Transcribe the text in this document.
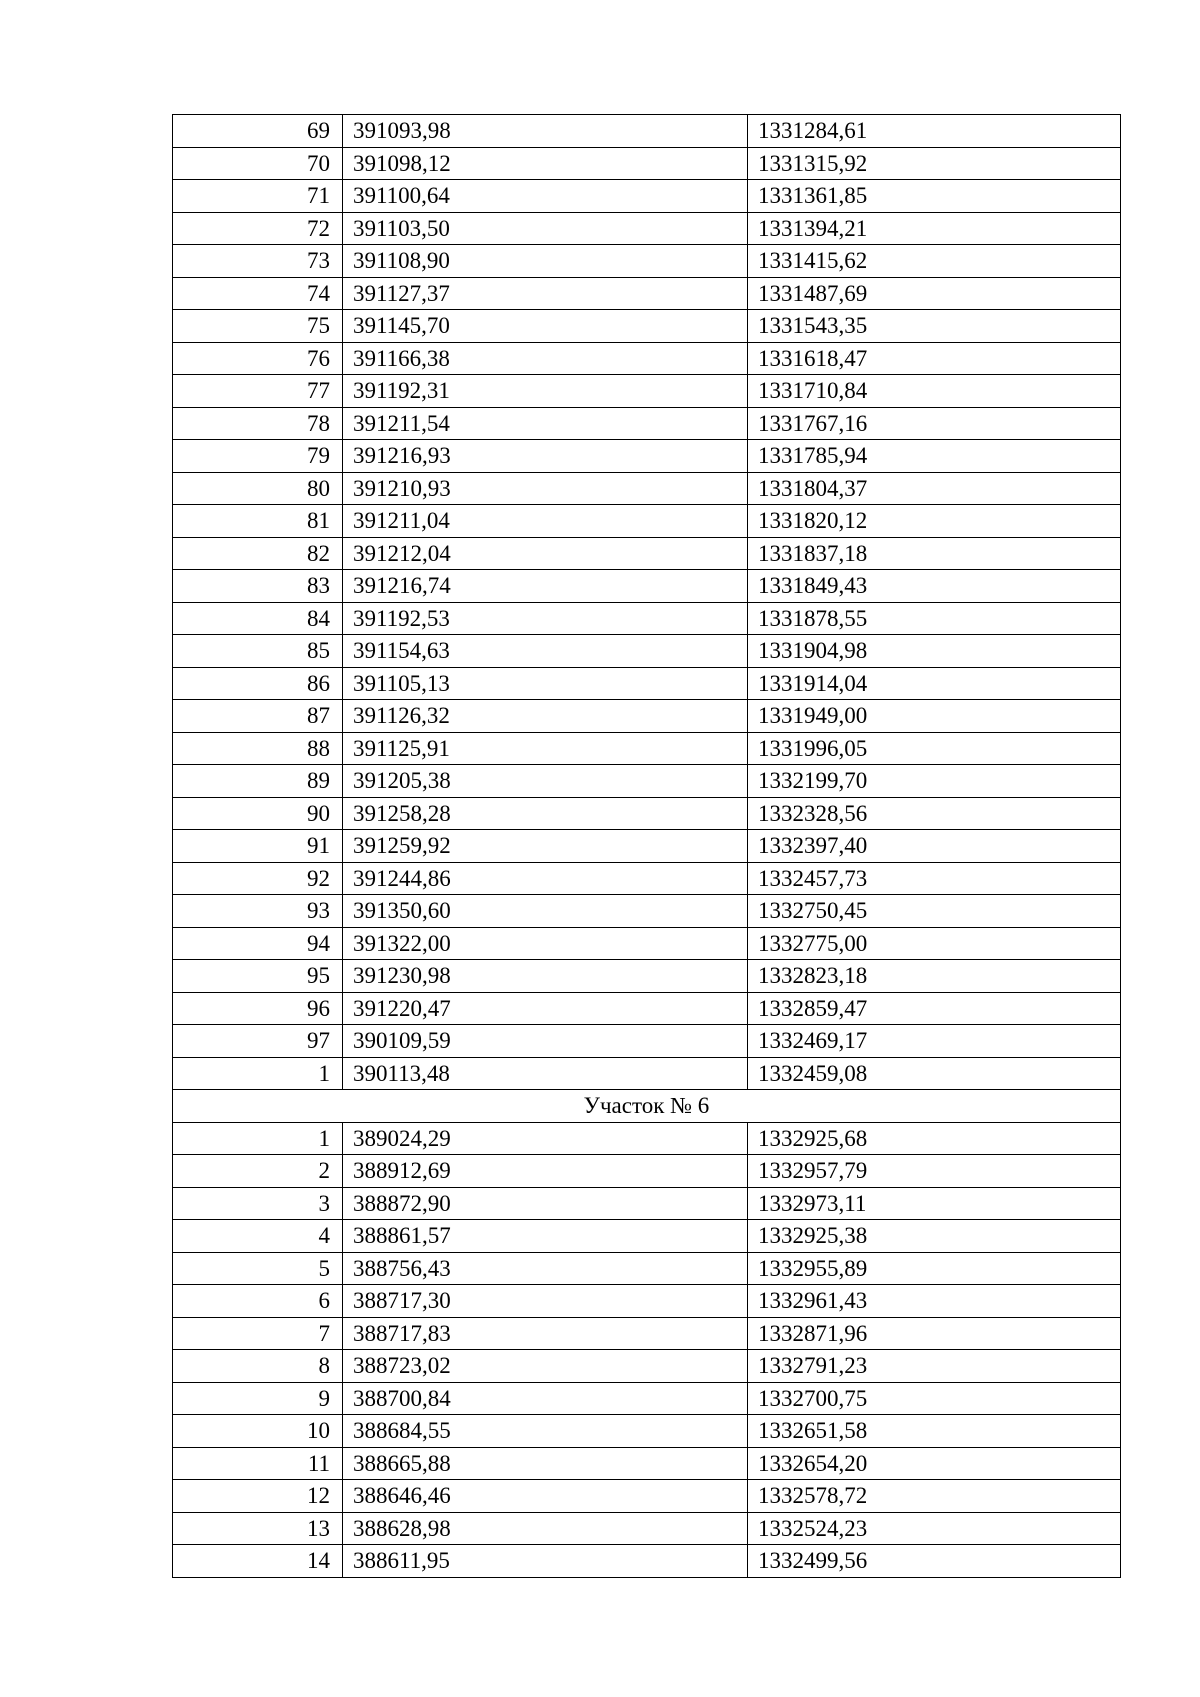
69	391093,98	1331284,61
70	391098,12	1331315,92
71	391100,64	1331361,85
72	391103,50	1331394,21
73	391108,90	1331415,62
74	391127,37	1331487,69
75	391145,70	1331543,35
76	391166,38	1331618,47
77	391192,31	1331710,84
78	391211,54	1331767,16
79	391216,93	1331785,94
80	391210,93	1331804,37
81	391211,04	1331820,12
82	391212,04	1331837,18
83	391216,74	1331849,43
84	391192,53	1331878,55
85	391154,63	1331904,98
86	391105,13	1331914,04
87	391126,32	1331949,00
88	391125,91	1331996,05
89	391205,38	1332199,70
90	391258,28	1332328,56
91	391259,92	1332397,40
92	391244,86	1332457,73
93	391350,60	1332750,45
94	391322,00	1332775,00
95	391230,98	1332823,18
96	391220,47	1332859,47
97	390109,59	1332469,17
1	390113,48	1332459,08
Участок № 6		
1	389024,29	1332925,68
2	388912,69	1332957,79
3	388872,90	1332973,11
4	388861,57	1332925,38
5	388756,43	1332955,89
6	388717,30	1332961,43
7	388717,83	1332871,96
8	388723,02	1332791,23
9	388700,84	1332700,75
10	388684,55	1332651,58
11	388665,88	1332654,20
12	388646,46	1332578,72
13	388628,98	1332524,23
14	388611,95	1332499,56
